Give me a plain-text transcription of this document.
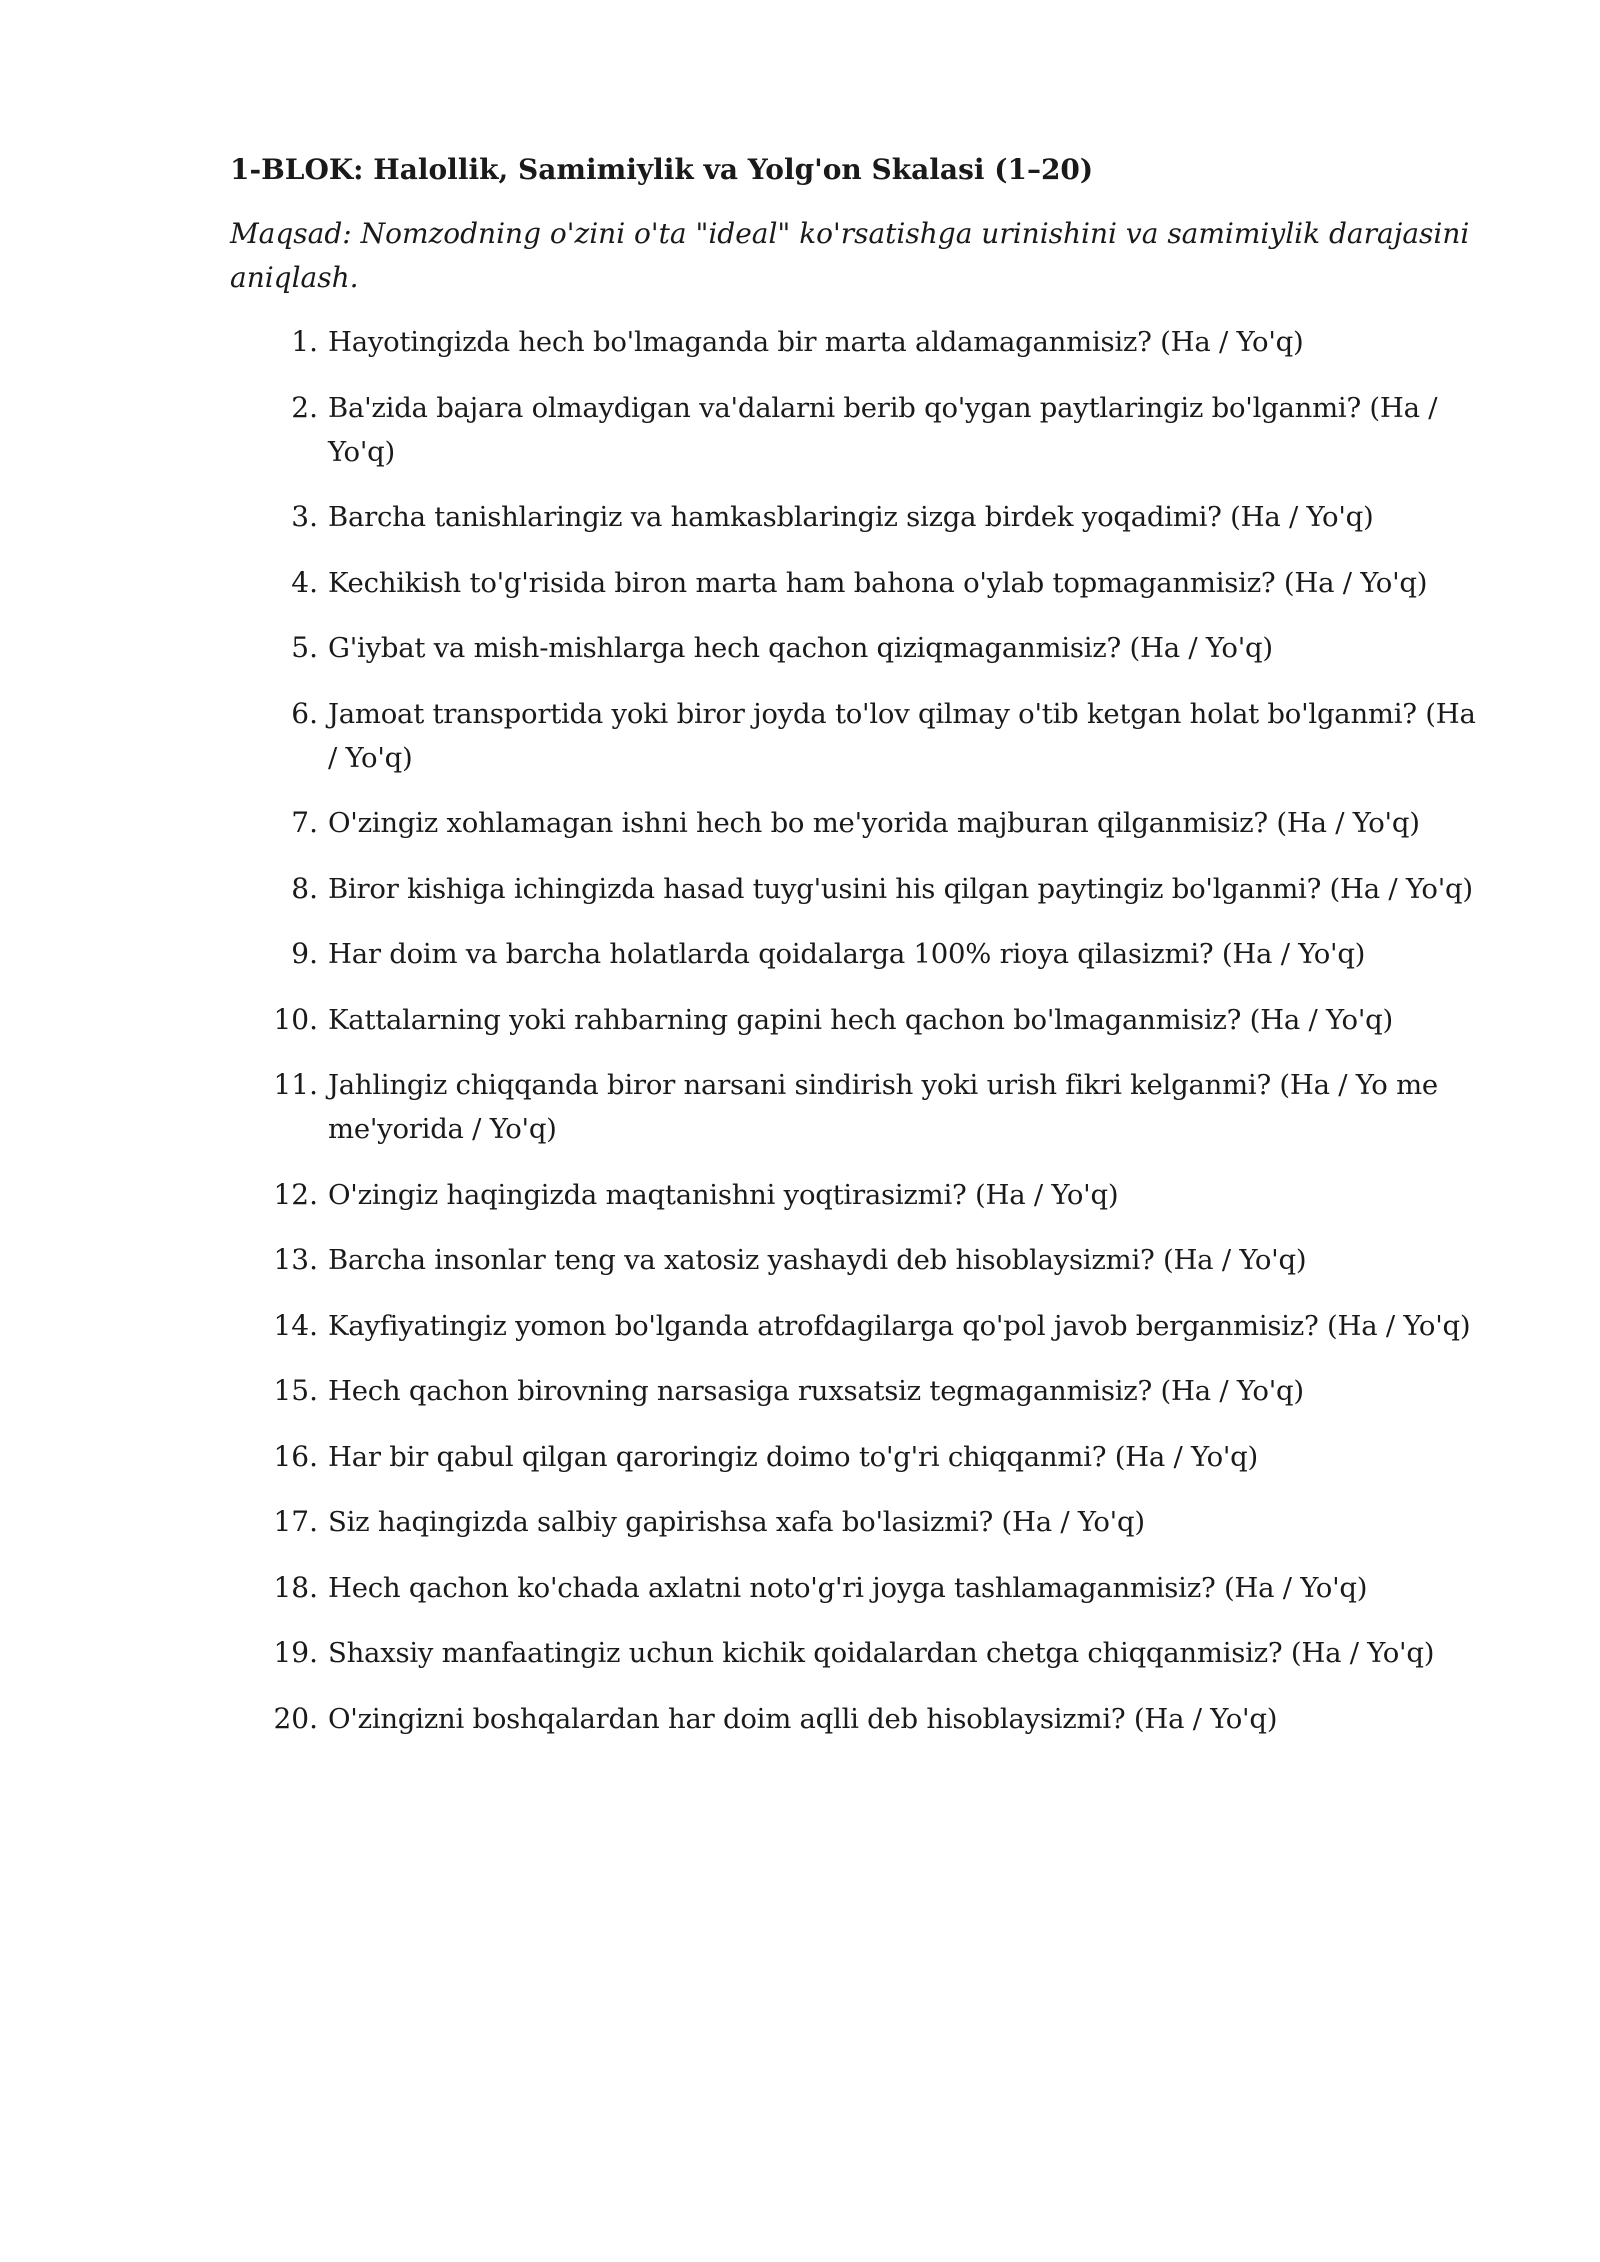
1-BLOK: Halollik, Samimiylik va Yolg'on Skalasi (1–20)
Maqsad: Nomzodning o'zini o'ta "ideal" ko'rsatishga urinishini va samimiylik darajasini aniqlash.
1. Hayotingizda hech bo'lmaganda bir marta aldamaganmisiz? (Ha / Yo'q)
2. Ba'zida bajara olmaydigan va'dalarni berib qo'ygan paytlaringiz bo'lganmi? (Ha / Yo'q)
3. Barcha tanishlaringiz va hamkasblaringiz sizga birdek yoqadimi? (Ha / Yo'q)
4. Kechikish to'g'risida biron marta ham bahona o'ylab topmaganmisiz? (Ha / Yo'q)
5. G'iybat va mish-mishlarga hech qachon qiziqmaganmisiz? (Ha / Yo'q)
6. Jamoat transportida yoki biror joyda to'lov qilmay o'tib ketgan holat bo'lganmi? (Ha / Yo'q)
7. O'zingiz xohlamagan ishni hech bo me'yorida majburan qilganmisiz? (Ha / Yo'q)
8. Biror kishiga ichingizda hasad tuyg'usini his qilgan paytingiz bo'lganmi? (Ha / Yo'q)
9. Har doim va barcha holatlarda qoidalarga 100% rioya qilasizmi? (Ha / Yo'q)
10. Kattalarning yoki rahbarning gapini hech qachon bo'lmaganmisiz? (Ha / Yo'q)
11. Jahlingiz chiqqanda biror narsani sindirish yoki urish fikri kelganmi? (Ha / Yo me me'yorida / Yo'q)
12. O'zingiz haqingizda maqtanishni yoqtirasizmi? (Ha / Yo'q)
13. Barcha insonlar teng va xatosiz yashaydi deb hisoblaysizmi? (Ha / Yo'q)
14. Kayfiyatingiz yomon bo'lganda atrofdagilarga qo'pol javob berganmisiz? (Ha / Yo'q)
15. Hech qachon birovning narsasiga ruxsatsiz tegmaganmisiz? (Ha / Yo'q)
16. Har bir qabul qilgan qaroringiz doimo to'g'ri chiqqanmi? (Ha / Yo'q)
17. Siz haqingizda salbiy gapirishsa xafa bo'lasizmi? (Ha / Yo'q)
18. Hech qachon ko'chada axlatni noto'g'ri joyga tashlamaganmisiz? (Ha / Yo'q)
19. Shaxsiy manfaatingiz uchun kichik qoidalardan chetga chiqqanmisiz? (Ha / Yo'q)
20. O'zingizni boshqalardan har doim aqlli deb hisoblaysizmi? (Ha / Yo'q)
